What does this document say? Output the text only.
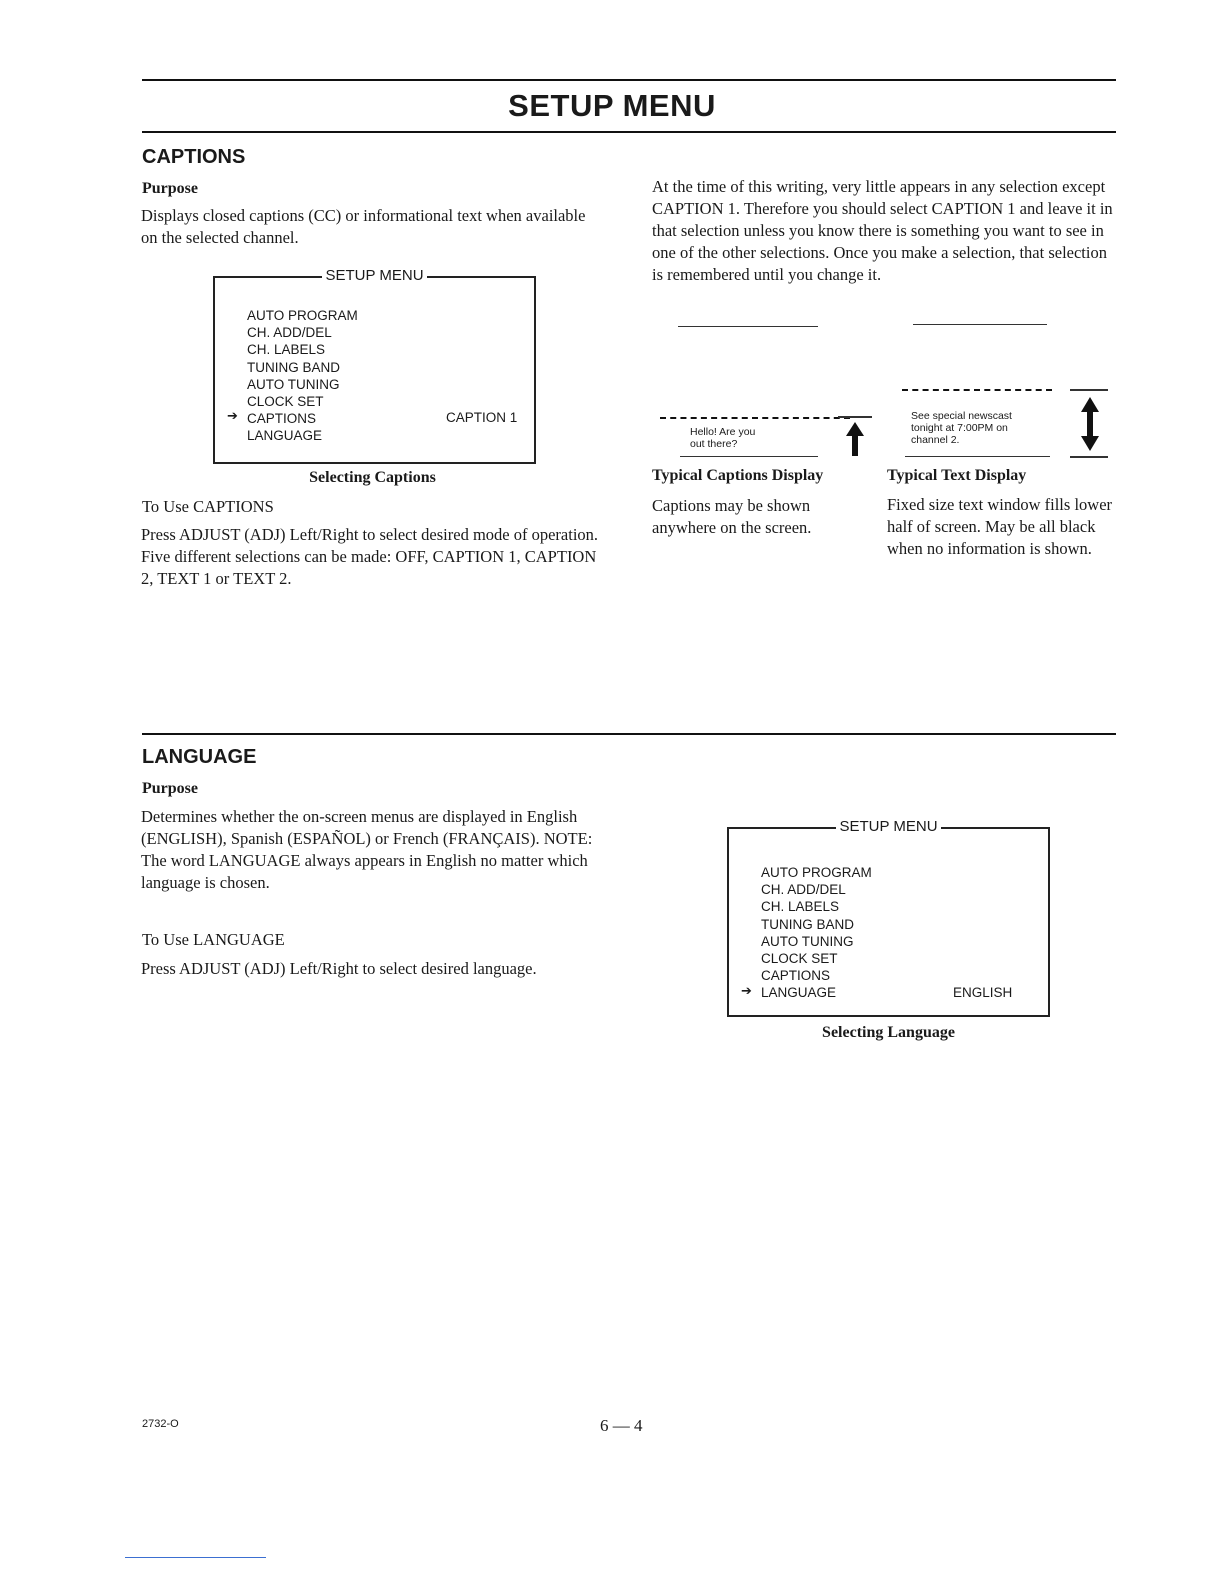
SETUP MENU
CAPTIONS
Purpose
Displays closed captions (CC) or informational text when available on the selected channel.
SETUP MENU
AUTO PROGRAM
CH. ADD/DEL
CH. LABELS
TUNING BAND
AUTO TUNING
CLOCK SET
CAPTIONS
LANGUAGE
➔	CAPTION 1
Selecting Captions
To Use CAPTIONS
Press ADJUST (ADJ) Left/Right to select desired mode of operation. Five different selections can be made: OFF, CAPTION 1, CAPTION 2, TEXT 1 or TEXT 2.
At the time of this writing, very little appears in any selection except CAPTION 1. Therefore you should select CAPTION 1 and leave it in that selection unless you know there is something you want to see in one of the other selections. Once you make a selection, that selection is remembered until you change it.
Hello! Are you
out there?
Typical Captions Display
Captions may be shown anywhere on the screen.
See special newscast
tonight at 7:00PM on
channel 2.
Typical Text Display
Fixed size text window fills lower half of screen. May be all black when no information is shown.
LANGUAGE
Purpose
Determines whether the on-screen menus are displayed in English (ENGLISH), Spanish (ESPAÑOL) or French (FRANÇAIS). NOTE: The word LANGUAGE always appears in English no matter which language is chosen.
To Use LANGUAGE
Press ADJUST (ADJ) Left/Right to select desired language.
SETUP MENU
AUTO PROGRAM
CH. ADD/DEL
CH. LABELS
TUNING BAND
AUTO TUNING
CLOCK SET
CAPTIONS
LANGUAGE
➔	ENGLISH
Selecting Language
2732-O	6 — 4
